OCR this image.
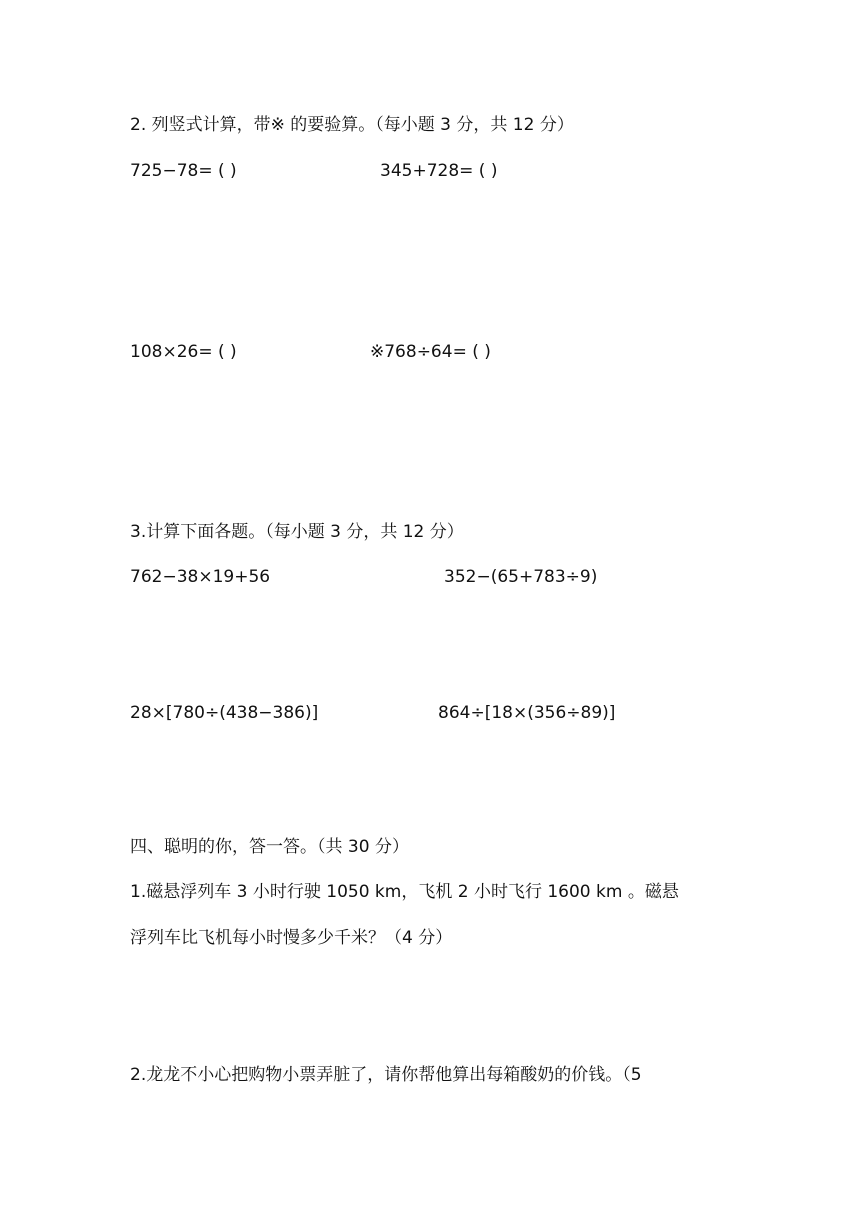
2. 列竖式计算，带※ 的要验算。（每小题 3 分，共 12 分）
725−78= ( )	345+728= ( )
108×26= ( )	※768÷64= ( )
3.计算下面各题。（每小题 3 分，共 12 分）
762−38×19+56	352−(65+783÷9)
28×[780÷(438−386)]	864÷[18×(356÷89)]
四、聪明的你，答一答。（共 30 分）
1.磁悬浮列车 3 小时行驶 1050 km，飞机 2 小时飞行 1600 km 。磁悬
浮列车比飞机每小时慢多少千米？（4 分）
2.龙龙不小心把购物小票弄脏了，请你帮他算出每箱酸奶的价钱。（5
